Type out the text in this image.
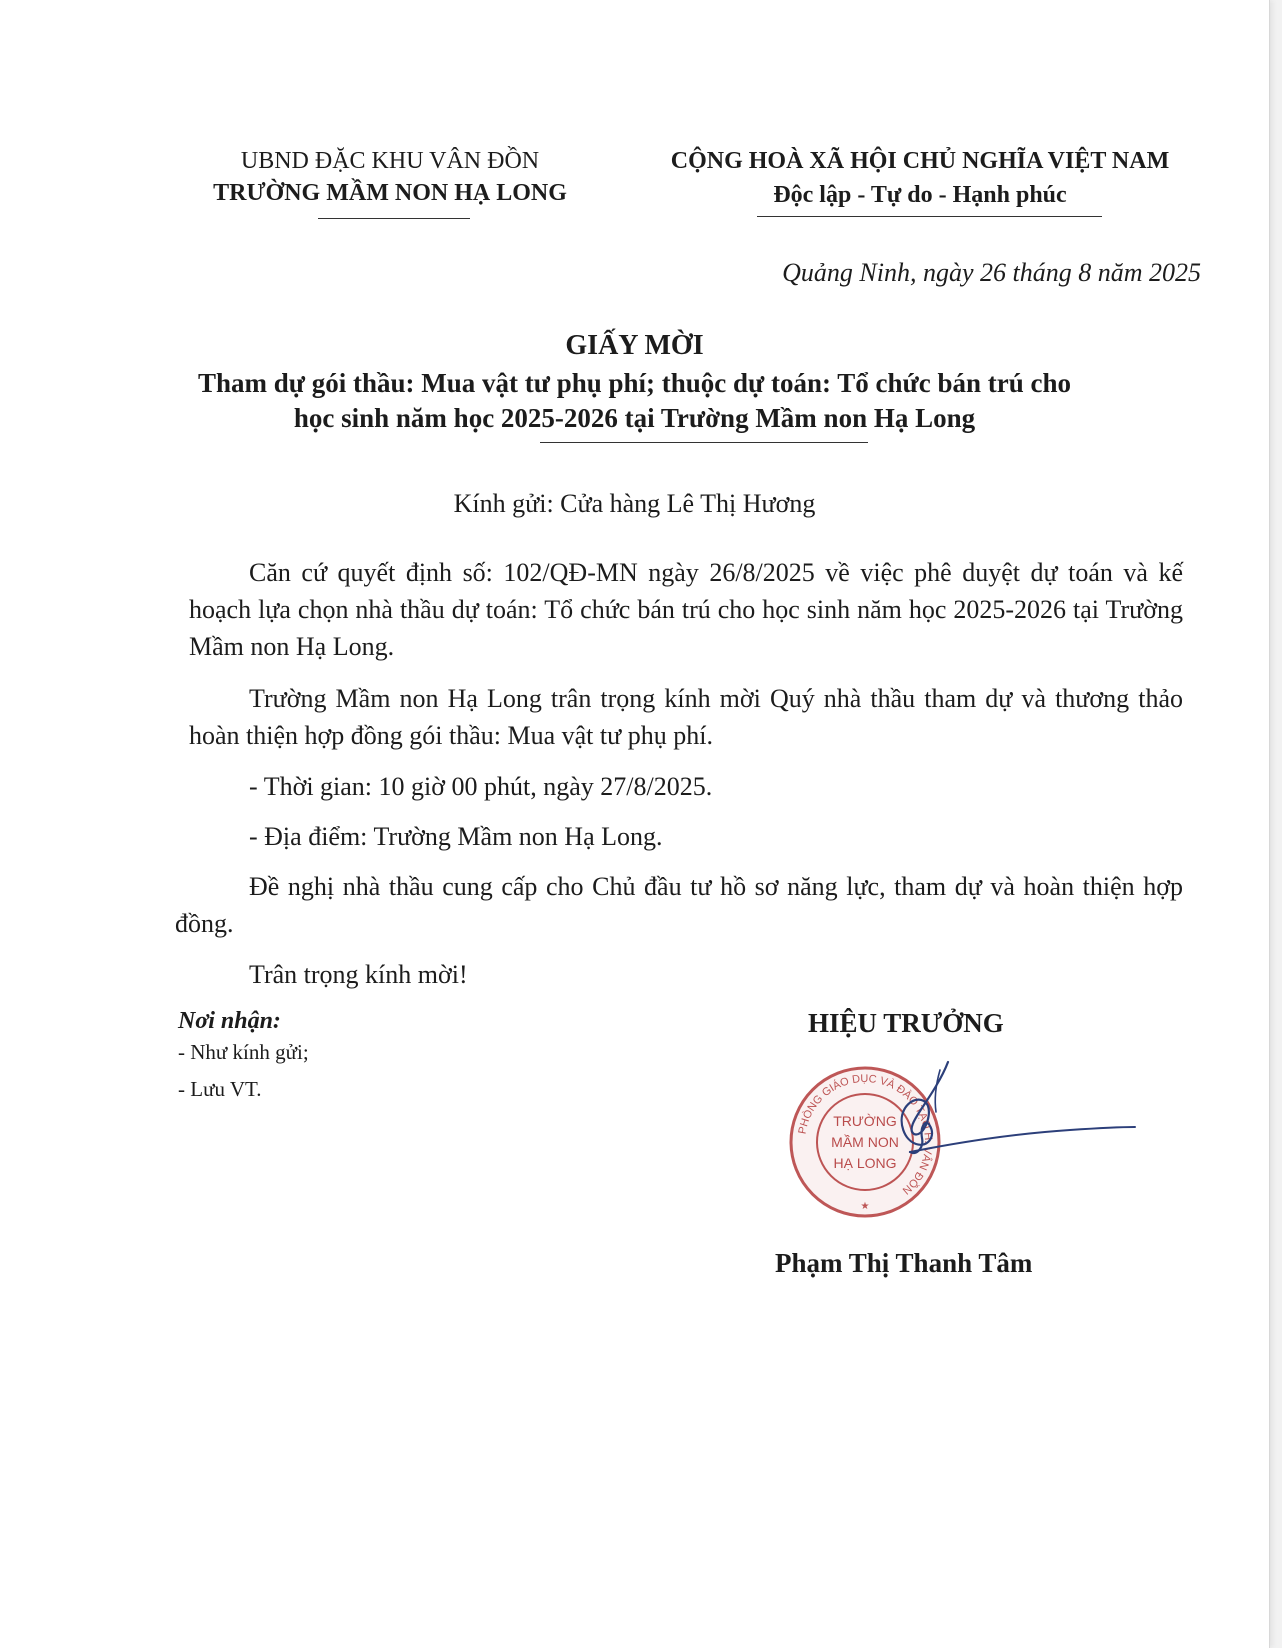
UBND ĐẶC KHU VÂN ĐỒN
TRƯỜNG MẦM NON HẠ LONG
CỘNG HOÀ XÃ HỘI CHỦ NGHĨA VIỆT NAM
Độc lập - Tự do - Hạnh phúc
Quảng Ninh, ngày 26 tháng 8 năm 2025
GIẤY MỜI
Tham dự gói thầu: Mua vật tư phụ phí; thuộc dự toán: Tổ chức bán trú cho
học sinh năm học 2025-2026 tại Trường Mầm non Hạ Long
Kính gửi: Cửa hàng Lê Thị Hương
Căn cứ quyết định số: 102/QĐ-MN ngày 26/8/2025 về việc phê duyệt dự toán và kế hoạch lựa chọn nhà thầu dự toán: Tổ chức bán trú cho học sinh năm học 2025-2026 tại Trường Mầm non Hạ Long.
Trường Mầm non Hạ Long trân trọng kính mời Quý nhà thầu tham dự và thương thảo hoàn thiện hợp đồng gói thầu: Mua vật tư phụ phí.
- Thời gian: 10 giờ 00 phút, ngày 27/8/2025.
- Địa điểm: Trường Mầm non Hạ Long.
Đề nghị nhà thầu cung cấp cho Chủ đầu tư hồ sơ năng lực, tham dự và hoàn thiện hợp đồng.
Trân trọng kính mời!
Nơi nhận:
- Như kính gửi;
- Lưu VT.
HIỆU TRƯỞNG
PHÒNG GIÁO DỤC VÀ ĐÀO TẠO H. VÂN ĐỒN
TRƯỜNG
MẦM NON
HẠ LONG
★
Phạm Thị Thanh Tâm
